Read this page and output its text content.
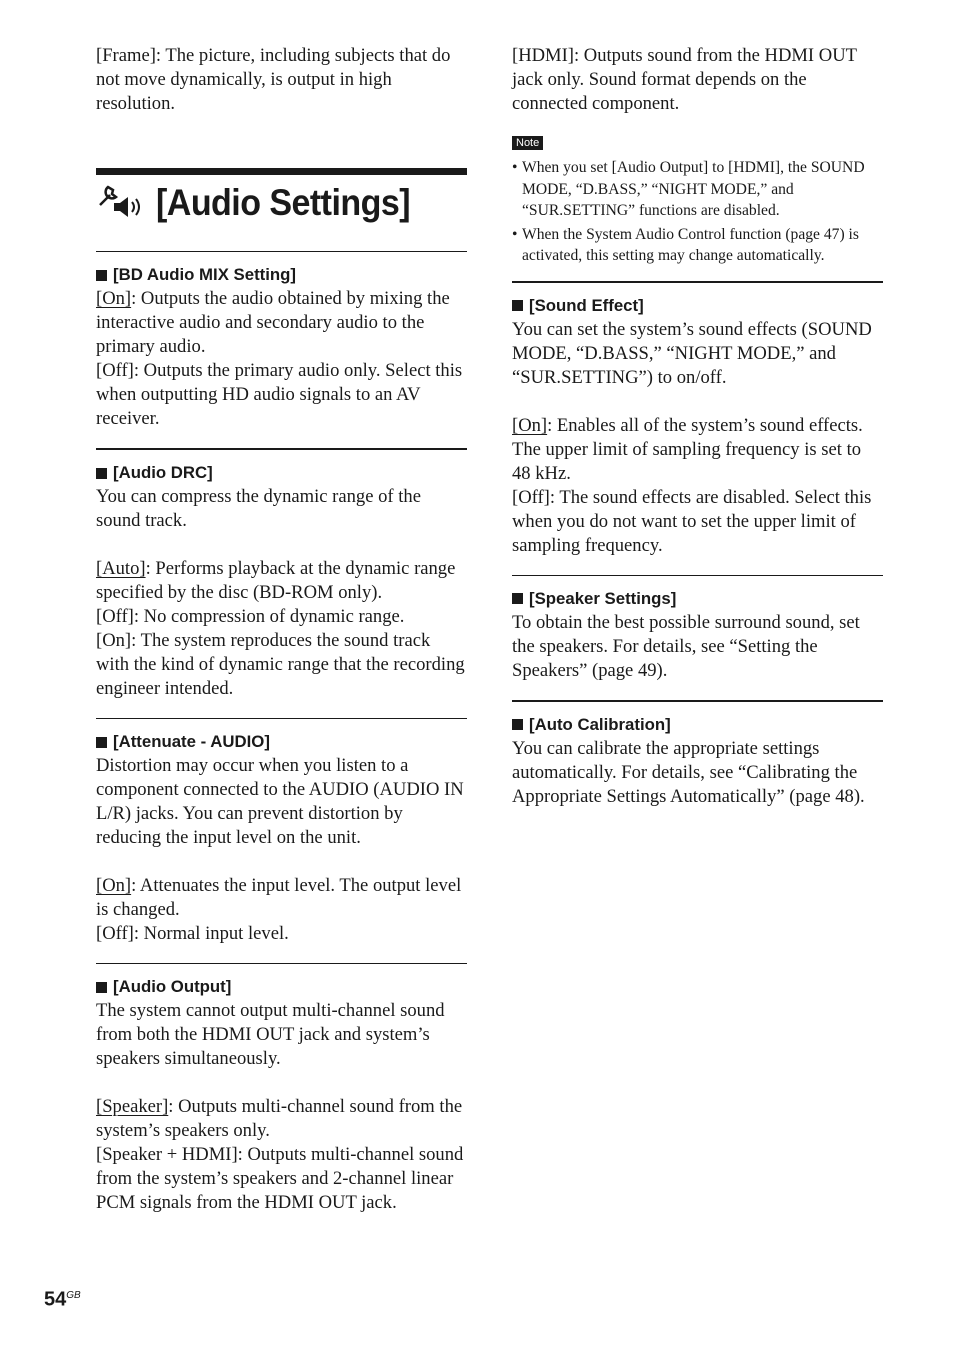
[Frame]: The picture, including subjects that do not move dynamically, is output in high resolution.

[Audio Settings]
[BD Audio MIX Setting]

[On]: Outputs the audio obtained by mixing the interactive audio and secondary audio to the primary audio.

[Off]: Outputs the primary audio only. Select this when outputting HD audio signals to an AV receiver.

[Audio DRC]

You can compress the dynamic range of the sound track.

[Auto]: Performs playback at the dynamic range specified by the disc (BD-ROM only).

[Off]: No compression of dynamic range.

[On]: The system reproduces the sound track with the kind of dynamic range that the recording engineer intended.

[Attenuate - AUDIO]

Distortion may occur when you listen to a component connected to the AUDIO (AUDIO IN L/R) jacks. You can prevent distortion by reducing the input level on the unit.

[On]: Attenuates the input level. The output level is changed.

[Off]: Normal input level.

[Audio Output]

The system cannot output multi-channel sound from both the HDMI OUT jack and system’s speakers simultaneously.

[Speaker]: Outputs multi-channel sound from the system’s speakers only.

[Speaker + HDMI]: Outputs multi-channel sound from the system’s speakers and 2-channel linear PCM signals from the HDMI OUT jack.

[HDMI]: Outputs sound from the HDMI OUT jack only. Sound format depends on the connected component.

Note
• When you set [Audio Output] to [HDMI], the SOUND MODE, “D.BASS,” “NIGHT MODE,” and “SUR.SETTING” functions are disabled.
• When the System Audio Control function (page 47) is activated, this setting may change automatically.
[Sound Effect]

You can set the system’s sound effects (SOUND MODE, “D.BASS,” “NIGHT MODE,” and “SUR.SETTING”) to on/off.

[On]: Enables all of the system’s sound effects. The upper limit of sampling frequency is set to 48 kHz.

[Off]: The sound effects are disabled. Select this when you do not want to set the upper limit of sampling frequency.

[Speaker Settings]

To obtain the best possible surround sound, set the speakers. For details, see “Setting the Speakers” (page 49).

[Auto Calibration]

You can calibrate the appropriate settings automatically. For details, see “Calibrating the Appropriate Settings Automatically” (page 48).

$54^{GB}$
